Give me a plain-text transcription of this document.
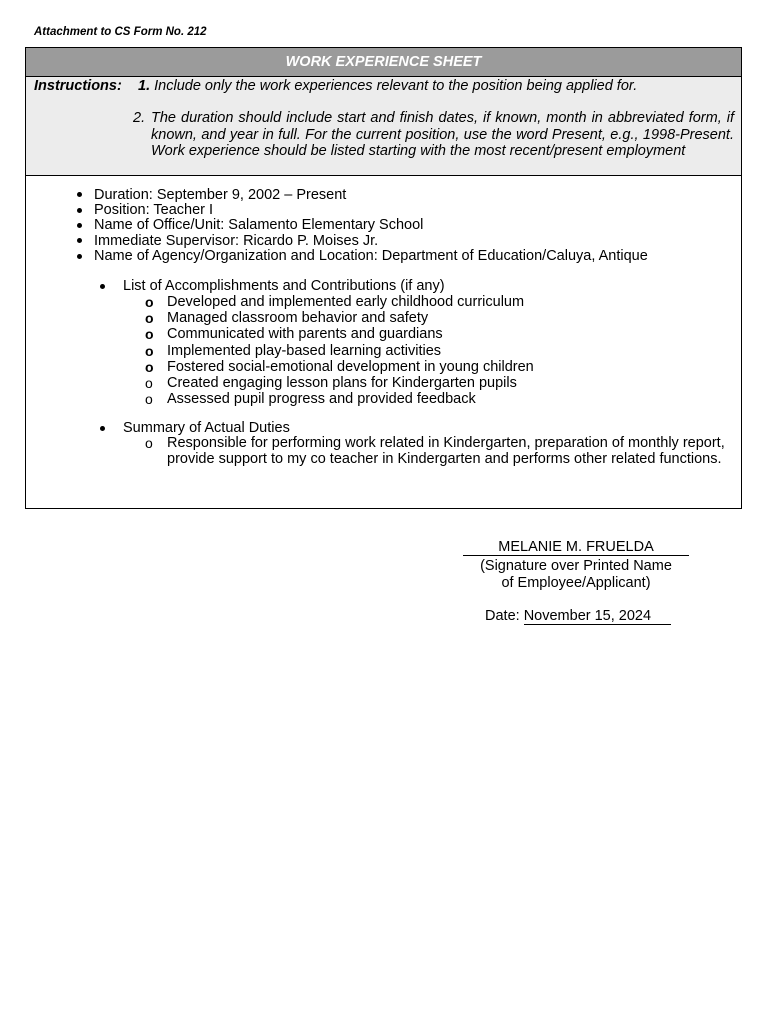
Attachment to CS Form No. 212
WORK EXPERIENCE SHEET
Instructions: 1. Include only the work experiences relevant to the position being applied for.
2. The duration should include start and finish dates, if known, month in abbreviated form, if known, and year in full. For the current position, use the word Present, e.g., 1998-Present. Work experience should be listed starting with the most recent/present employment
Duration: September 9, 2002 – Present
Position: Teacher I
Name of Office/Unit: Salamento Elementary School
Immediate Supervisor: Ricardo P. Moises Jr.
Name of Agency/Organization and Location: Department of Education/Caluya, Antique
List of Accomplishments and Contributions (if any)
o Developed and implemented early childhood curriculum
o Managed classroom behavior and safety
o Communicated with parents and guardians
o Implemented play-based learning activities
o Fostered social-emotional development in young children
o Created engaging lesson plans for Kindergarten pupils
o Assessed pupil progress and provided feedback
Summary of Actual Duties
o Responsible for performing work related in Kindergarten, preparation of monthly report, provide support to my co teacher in Kindergarten and performs other related functions.
MELANIE M. FRUELDA
(Signature over Printed Name
of Employee/Applicant)
Date: November 15, 2024
